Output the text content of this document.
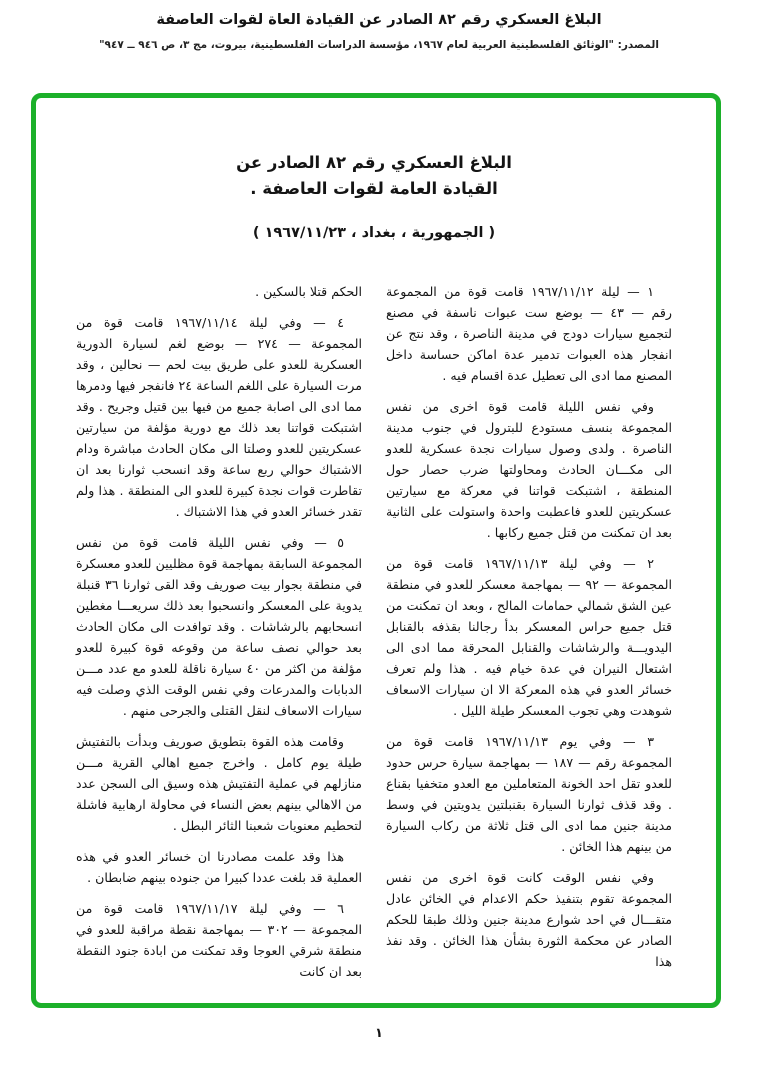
البلاغ العسكري رقم ٨٢ الصادر عن القيادة العاة لقوات العاصفة
المصدر: "الوثائق الفلسطينية العربية لعام ١٩٦٧، مؤسسة الدراسات الفلسطينية، بيروت، مج ٣، ص ٩٤٦ ــ ٩٤٧"
البلاغ العسكري رقم ٨٢ الصادر عن
القيادة العامة لقوات العاصفة .
( الجمهورية ، بغداد ، ١٩٦٧/١١/٢٣ )

١ — ليلة ١٩٦٧/١١/١٢ قامت قوة من المجموعة رقم — ٤٣ — بوضع ست عبوات ناسفة في مصنع لتجميع سيارات دودج في مدينة الناصرة ، وقد نتج عن انفجار هذه العبوات تدمير عدة اماكن حساسة داخل المصنع مما ادى الى تعطيل عدة اقسام فيه .

وفي نفس الليلة قامت قوة اخرى من نفس المجموعة بنسف مستودع للبترول في جنوب مدينة الناصرة . ولدى وصول سيارات نجدة عسكرية للعدو الى مكـــان الحادث ومحاولتها ضرب حصار حول المنطقة ، اشتبكت قواتنا في معركة مع سيارتين عسكريتين للعدو فاعطبت واحدة واستولت على الثانية بعد ان تمكنت من قتل جميع ركابها .

٢ — وفي ليلة ١٩٦٧/١١/١٣ قامت قوة من المجموعة — ٩٢ — بمهاجمة معسكر للعدو في منطقة عين الشق شمالي حمامات المالح ، وبعد ان تمكنت من قتل جميع حراس المعسكر بدأ رجالنا بقذفه بالقنابل اليدويـــة والرشاشات والقنابل المحرقة مما ادى الى اشتعال النيران في عدة خيام فيه . هذا ولم تعرف خسائر العدو في هذه المعركة الا ان سيارات الاسعاف شوهدت وهي تجوب المعسكر طيلة الليل .

٣ — وفي يوم ١٩٦٧/١١/١٣ قامت قوة من المجموعة رقم — ١٨٧ — بمهاجمة سيارة حرس حدود للعدو تقل احد الخونة المتعاملين مع العدو متخفيا بقناع . وقد قذف ثوارنا السيارة بقنبلتين يدويتين في وسط مدينة جنين مما ادى الى قتل ثلاثة من ركاب السيارة من بينهم هذا الخائن .

وفي نفس الوقت كانت قوة اخرى من نفس المجموعة تقوم بتنفيذ حكم الاعدام في الخائن عادل متقـــال في احد شوارع مدينة جنين وذلك طبقا للحكم الصادر عن محكمة الثورة بشأن هذا الخائن . وقد نفذ هذا

الحكم قتلا بالسكين .

٤ — وفي ليلة ١٩٦٧/١١/١٤ قامت قوة من المجموعة — ٢٧٤ — بوضع لغم لسيارة الدورية العسكرية للعدو على طريق بيت لحم — نحالين ، وقد مرت السيارة على اللغم الساعة ٢٤ فانفجر فيها ودمرها مما ادى الى اصابة جميع من فيها بين قتيل وجريح . وقد اشتبكت قواتنا بعد ذلك مع دورية مؤلفة من سيارتين عسكريتين للعدو وصلتا الى مكان الحادث مباشرة ودام الاشتباك حوالي ربع ساعة وقد انسحب ثوارنا بعد ان تقاطرت قوات نجدة كبيرة للعدو الى المنطقة . هذا ولم تقدر خسائر العدو في هذا الاشتباك .

٥ — وفي نفس الليلة قامت قوة من نفس المجموعة السابقة بمهاجمة قوة مظليين للعدو معسكرة في منطقة بجوار بيت صوريف وقد القى ثوارنا ٣٦ قنبلة يدوية على المعسكر وانسحبوا بعد ذلك سريعـــا مغطين انسحابهم بالرشاشات . وقد توافدت الى مكان الحادث بعد حوالي نصف ساعة من وقوعه قوة كبيرة للعدو مؤلفة من اكثر من ٤٠ سيارة ناقلة للعدو مع عدد مـــن الدبابات والمدرعات وفي نفس الوقت الذي وصلت فيه سيارات الاسعاف لنقل القتلى والجرحى منهم .

وقامت هذه القوة بتطويق صوريف وبدأت بالتفتيش طيلة يوم كامل . واخرج جميع اهالي القرية مـــن منازلهم في عملية التفتيش هذه وسيق الى السجن عدد من الاهالي بينهم بعض النساء في محاولة ارهابية فاشلة لتحطيم معنويات شعبنا الثائر البطل .

هذا وقد علمت مصادرنا ان خسائر العدو في هذه العملية قد بلغت عددا كبيرا من جنوده بينهم ضابطان .

٦ — وفي ليلة ١٩٦٧/١١/١٧ قامت قوة من المجموعة — ٣٠٢ — بمهاجمة نقطة مراقبة للعدو في منطقة شرقي العوجا وقد تمكنت من ابادة جنود النقطة بعد ان كانت

١
